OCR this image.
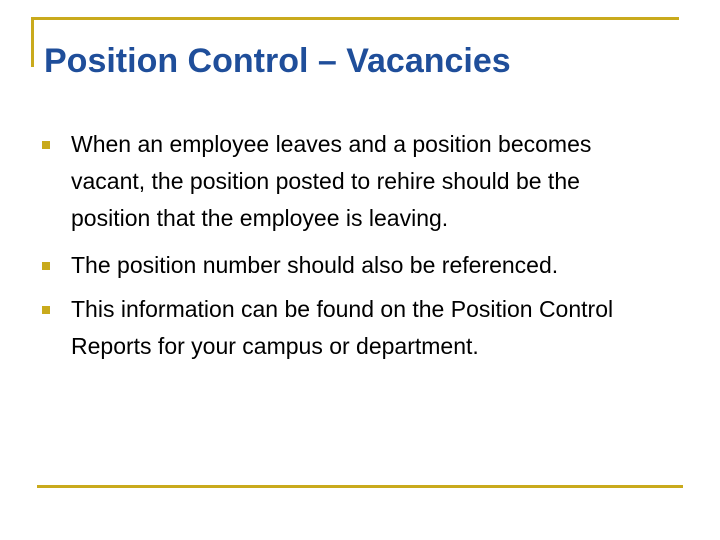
Position Control – Vacancies
When an employee leaves and a position becomes vacant, the position posted to rehire should be the position that the employee is leaving.
The position number should also be referenced.
This information can be found on the Position Control Reports for your campus or department.
